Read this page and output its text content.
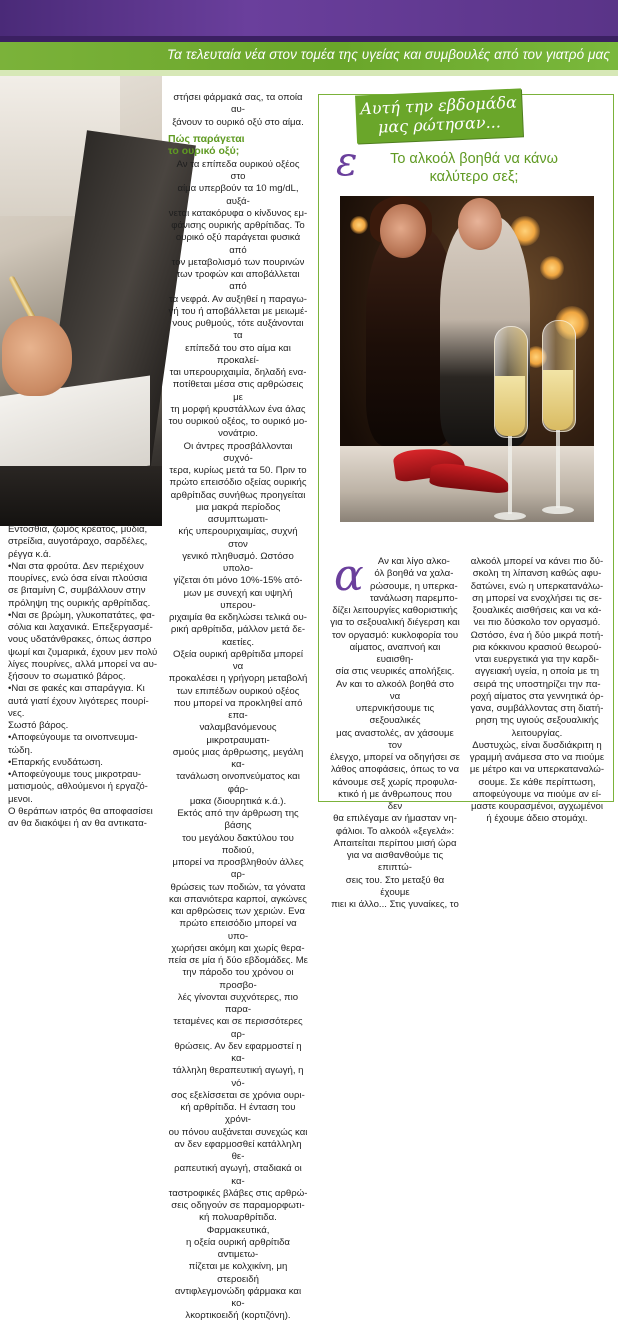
Τα τελευταία νέα στον τομέα της υγείας και συμβουλές από τον γιατρό μας

Εντοσθια, ζωμός κρέατος, μύδια,

στρείδια, αυγοτάραχο, σαρδέλες,

ρέγγα κ.ά.

•Ναι στα φρούτα. Δεν περιέχουν

πουρίνες, ενώ όσα είναι πλούσια

σε βιταμίνη C, συμβάλλουν στην

πρόληψη της ουρικής αρθρίτιδας.

•Ναι σε βρώμη, γλυκοπατάτες, φα-

σόλια και λαχανικά. Επεξεργασμέ-

νους υδατάνθρακες, όπως άσπρο

ψωμί και ζυμαρικά, έχουν μεν πολύ

λίγες πουρίνες, αλλά μπορεί να αυ-

ξήσουν το σωματικό βάρος.

•Ναι σε φακές και σπαράγγια. Κι

αυτά γιατί έχουν λιγότερες πουρί-

νες.

Σωστό βάρος.

•Αποφεύγουμε τα οινοπνευμα-

τώδη.

•Επαρκής ενυδάτωση.

•Αποφεύγουμε τους μικροτραυ-

ματισμούς, αθλούμενοι ή εργαζό-

μενοι.

Ο θεράπων ιατρός θα αποφασίσει

αν θα διακόψει ή αν θα αντικατα-

στήσει φάρμακά σας, τα οποία αυ-

ξάνουν το ουρικό οξύ στο αίμα.

Πώς παράγεται
το ουρικό οξύ;

Αν τα επίπεδα ουρικού οξέος στο

αίμα υπερβούν τα 10 mg/dL, αυξά-

νεται κατακόρυφα ο κίνδυνος εμ-

φάνισης ουρικής αρθρίτιδας. Το

ουρικό οξύ παράγεται φυσικά από

τον μεταβολισμό των πουρινών

των τροφών και αποβάλλεται από

τα νεφρά. Αν αυξηθεί η παραγω-

γή του ή αποβάλλεται με μειωμέ-

νους ρυθμούς, τότε αυξάνονται τα

επίπεδά του στο αίμα και προκαλεί-

ται υπερουριχαιμία, δηλαδή ενα-

ποτίθεται μέσα στις αρθρώσεις με

τη μορφή κρυστάλλων ένα άλας

του ουρικού οξέος, το ουρικό μο-

νονάτριο.

Οι άντρες προσβάλλονται συχνό-

τερα, κυρίως μετά τα 50. Πριν το

πρώτο επεισόδιο οξείας ουρικής

αρθρίτιδας συνήθως προηγείται

μια μακρά περίοδος ασυμπτωματι-

κής υπερουριχαιμίας, συχνή στον

γενικό πληθυσμό. Ωστόσο υπολο-

γίζεται ότι μόνο 10%-15% ατό-

μων με συνεχή και υψηλή υπερου-

ριχαιμία θα εκδηλώσει τελικά ου-

ρική αρθρίτιδα, μάλλον μετά δε-

καετίες.

Οξεία ουρική αρθρίτιδα μπορεί να

προκαλέσει η γρήγορη μεταβολή

των επιπέδων ουρικού οξέος

που μπορεί να προκληθεί από επα-

ναλαμβανόμενους μικροτραυματι-

σμούς μιας άρθρωσης, μεγάλη κα-

τανάλωση οινοπνεύματος και φάρ-

μακα (διουρητικά κ.ά.).

Εκτός από την άρθρωση της βάσης

του μεγάλου δακτύλου του ποδιού,

μπορεί να προσβληθούν άλλες αρ-

θρώσεις των ποδιών, τα γόνατα

και σπανιότερα καρποί, αγκώνες

και αρθρώσεις των χεριών. Ενα

πρώτο επεισόδιο μπορεί να υπο-

χωρήσει ακόμη και χωρίς θερα-

πεία σε μία ή δύο εβδομάδες. Με

την πάροδο του χρόνου οι προσβο-

λές γίνονται συχνότερες, πιο παρα-

τεταμένες και σε περισσότερες αρ-

θρώσεις. Αν δεν εφαρμοστεί η κα-

τάλληλη θεραπευτική αγωγή, η νό-

σος εξελίσσεται σε χρόνια ουρι-

κή αρθρίτιδα. Η ένταση του χρόνι-

ου πόνου αυξάνεται συνεχώς και

αν δεν εφαρμοσθεί κατάλληλη θε-

ραπευτική αγωγή, σταδιακά οι κα-

ταστροφικές βλάβες στις αρθρώ-

σεις οδηγούν σε παραμορφωτι-

κή πολυαρθρίτιδα. Φαρμακευτικά,

η οξεία ουρική αρθρίτιδα αντιμετω-

πίζεται με κολχικίνη, μη στεροειδή

αντιφλεγμονώδη φάρμακα και κο-

λκορτικοειδή (κορτιζόνη).

Αυτή την εβδομάδα
μας ρώτησαν...
ε	Το αλκοόλ βοηθά να κάνω
καλύτερο σεξ;
α	Αν και λίγο αλκο-

όλ βοηθά να χαλα-

ρώσουμε, η υπερκα-

τανάλωση παρεμπο-

δίζει λειτουργίες καθοριστικής

για το σεξουαλική διέγερση και

τον οργασμό: κυκλοφορία του

αίματος, αναπνοή και ευαισθη-

σία στις νευρικές απολήξεις.

Αν και το αλκοόλ βοηθά στο να

υπερνικήσουμε τις σεξουαλικές

μας αναστολές, αν χάσουμε τον

έλεγχο, μπορεί να οδηγήσει σε

λάθος αποφάσεις, όπως το να

κάνουμε σεξ χωρίς προφυλα-

κτικό ή με άνθρωπους που δεν

θα επιλέγαμε αν ήμασταν νη-

φάλιοι. Το αλκοόλ «ξεγελά»:

Απαιτείται περίπου μισή ώρα

για να αισθανθούμε τις επιπτώ-

σεις του. Στο μεταξύ θα έχουμε

πιει κι άλλο... Στις γυναίκες, το

αλκοόλ μπορεί να κάνει πιο δύ-

σκολη τη λίπανση καθώς αφυ-

δατώνει, ενώ η υπερκατανάλω-

ση μπορεί να ενοχλήσει τις σε-

ξουαλικές αισθήσεις και να κά-

νει πιο δύσκολο τον οργασμό.

Ωστόσο, ένα ή δύο μικρά ποτή-

ρια κόκκινου κρασιού θεωρού-

νται ευεργετικά για την καρδι-

αγγειακή υγεία, η οποία με τη

σειρά της υποστηρίζει την πα-

ροχή αίματος στα γεννητικά όρ-

γανα, συμβάλλοντας στη διατή-

ρηση της υγιούς σεξουαλικής

λειτουργίας.

Δυστυχώς, είναι δυσδιάκριτη η

γραμμή ανάμεσα στο να πιούμε

με μέτρο και να υπερκαταναλώ-

σουμε. Σε κάθε περίπτωση,

αποφεύγουμε να πιούμε αν εί-

μαστε κουρασμένοι, αγχωμένοι

ή έχουμε άδειο στομάχι.
